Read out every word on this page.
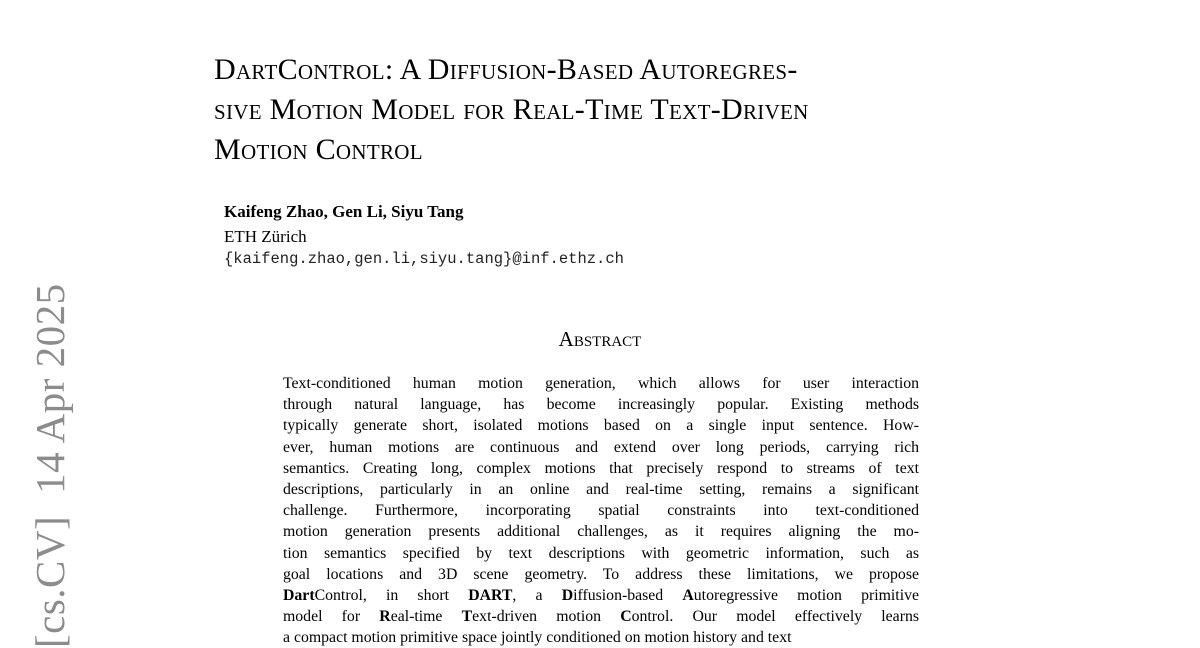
[cs.CV]14 Apr 2025
DartControl: A Diffusion-Based Autoregres-
sive Motion Model for Real-Time Text-Driven
Motion Control
Kaifeng Zhao, Gen Li, Siyu Tang
ETH Zürich
{kaifeng.zhao,gen.li,siyu.tang}@inf.ethz.ch
Abstract
Text-conditioned human motion generation, which allows for user interaction
through natural language, has become increasingly popular. Existing methods
typically generate short, isolated motions based on a single input sentence. How-
ever, human motions are continuous and extend over long periods, carrying rich
semantics. Creating long, complex motions that precisely respond to streams of text
descriptions, particularly in an online and real-time setting, remains a significant
challenge. Furthermore, incorporating spatial constraints into text-conditioned
motion generation presents additional challenges, as it requires aligning the mo-
tion semantics specified by text descriptions with geometric information, such as
goal locations and 3D scene geometry. To address these limitations, we propose
DartControl, in short DART, a Diffusion-based Autoregressive motion primitive
model for Real-time Text-driven motion Control. Our model effectively learns
a compact motion primitive space jointly conditioned on motion history and text
